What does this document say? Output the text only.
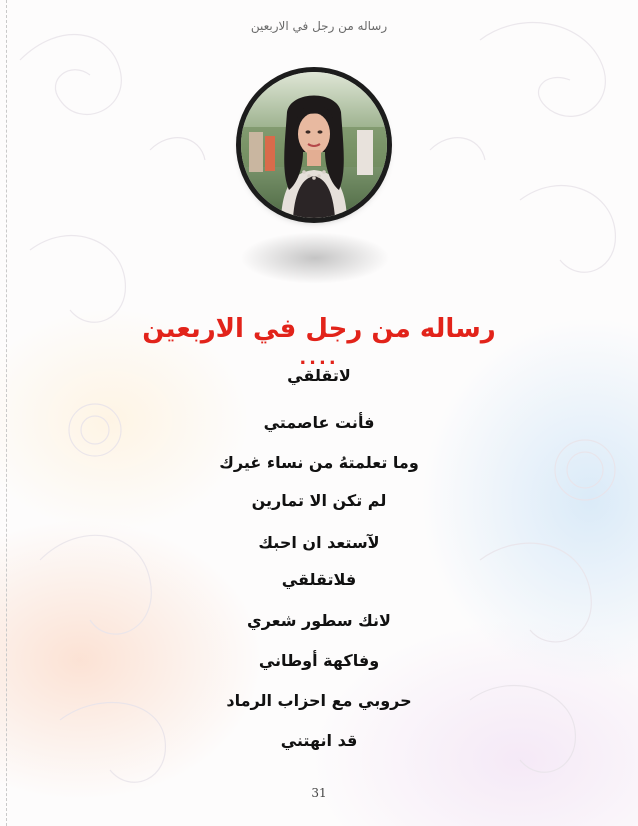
رساله من رجل في الاربعين
رساله من رجل في الاربعين
....
لاتقلقي
فأنت عاصمتي
وما تعلمتهُ من نساء غيرك
لم تكن الا تمارين
لآستعد ان احبك
فلاتقلقي
لانك سطور شعري
وفاكهة أوطاني
حروبي مع احزاب الرماد
قد انهتني
31
